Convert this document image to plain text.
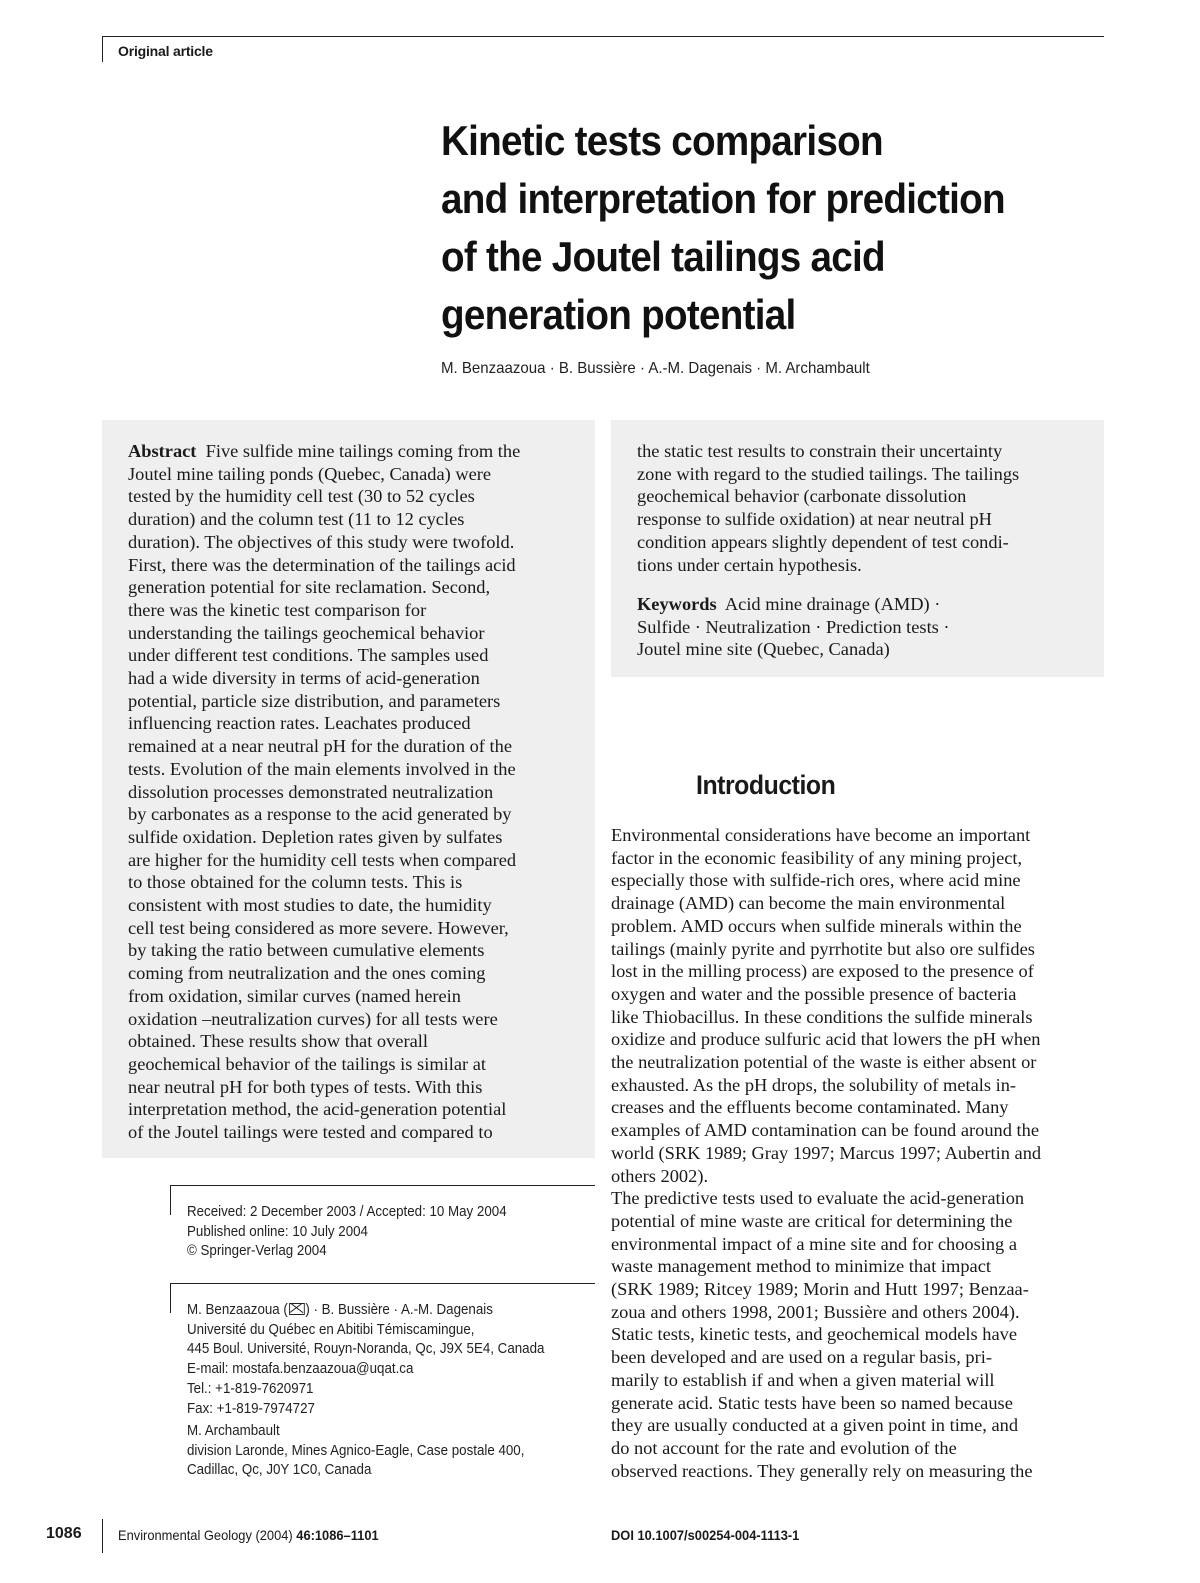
Original article
Kinetic tests comparison
and interpretation for prediction
of the Joutel tailings acid
generation potential
M. Benzaazoua · B. Bussière · A.-M. Dagenais · M. Archambault
Abstract Five sulfide mine tailings coming from the
Joutel mine tailing ponds (Quebec, Canada) were
tested by the humidity cell test (30 to 52 cycles
duration) and the column test (11 to 12 cycles
duration). The objectives of this study were twofold.
First, there was the determination of the tailings acid
generation potential for site reclamation. Second,
there was the kinetic test comparison for
understanding the tailings geochemical behavior
under different test conditions. The samples used
had a wide diversity in terms of acid-generation
potential, particle size distribution, and parameters
influencing reaction rates. Leachates produced
remained at a near neutral pH for the duration of the
tests. Evolution of the main elements involved in the
dissolution processes demonstrated neutralization
by carbonates as a response to the acid generated by
sulfide oxidation. Depletion rates given by sulfates
are higher for the humidity cell tests when compared
to those obtained for the column tests. This is
consistent with most studies to date, the humidity
cell test being considered as more severe. However,
by taking the ratio between cumulative elements
coming from neutralization and the ones coming
from oxidation, similar curves (named herein
oxidation –neutralization curves) for all tests were
obtained. These results show that overall
geochemical behavior of the tailings is similar at
near neutral pH for both types of tests. With this
interpretation method, the acid-generation potential
of the Joutel tailings were tested and compared to
the static test results to constrain their uncertainty
zone with regard to the studied tailings. The tailings
geochemical behavior (carbonate dissolution
response to sulfide oxidation) at near neutral pH
condition appears slightly dependent of test condi-
tions under certain hypothesis.
Keywords Acid mine drainage (AMD) ·
Sulfide · Neutralization · Prediction tests ·
Joutel mine site (Quebec, Canada)
Introduction
Environmental considerations have become an important
factor in the economic feasibility of any mining project,
especially those with sulfide-rich ores, where acid mine
drainage (AMD) can become the main environmental
problem. AMD occurs when sulfide minerals within the
tailings (mainly pyrite and pyrrhotite but also ore sulfides
lost in the milling process) are exposed to the presence of
oxygen and water and the possible presence of bacteria
like Thiobacillus. In these conditions the sulfide minerals
oxidize and produce sulfuric acid that lowers the pH when
the neutralization potential of the waste is either absent or
exhausted. As the pH drops, the solubility of metals in-
creases and the effluents become contaminated. Many
examples of AMD contamination can be found around the
world (SRK 1989; Gray 1997; Marcus 1997; Aubertin and
others 2002).
The predictive tests used to evaluate the acid-generation
potential of mine waste are critical for determining the
environmental impact of a mine site and for choosing a
waste management method to minimize that impact
(SRK 1989; Ritcey 1989; Morin and Hutt 1997; Benzaa-
zoua and others 1998, 2001; Bussière and others 2004).
Static tests, kinetic tests, and geochemical models have
been developed and are used on a regular basis, pri-
marily to establish if and when a given material will
generate acid. Static tests have been so named because
they are usually conducted at a given point in time, and
do not account for the rate and evolution of the
observed reactions. They generally rely on measuring the
Received: 2 December 2003 / Accepted: 10 May 2004
Published online: 10 July 2004
© Springer-Verlag 2004
M. Benzaazoua ( ) · B. Bussière · A.-M. Dagenais
Université du Québec en Abitibi Témiscamingue,
445 Boul. Université, Rouyn-Noranda, Qc, J9X 5E4, Canada
E-mail: mostafa.benzaazoua@uqat.ca
Tel.: +1-819-7620971
Fax: +1-819-7974727
M. Archambault
division Laronde, Mines Agnico-Eagle, Case postale 400,
Cadillac, Qc, J0Y 1C0, Canada
1086	Environmental Geology (2004) 46:1086–1101	DOI 10.1007/s00254-004-1113-1
